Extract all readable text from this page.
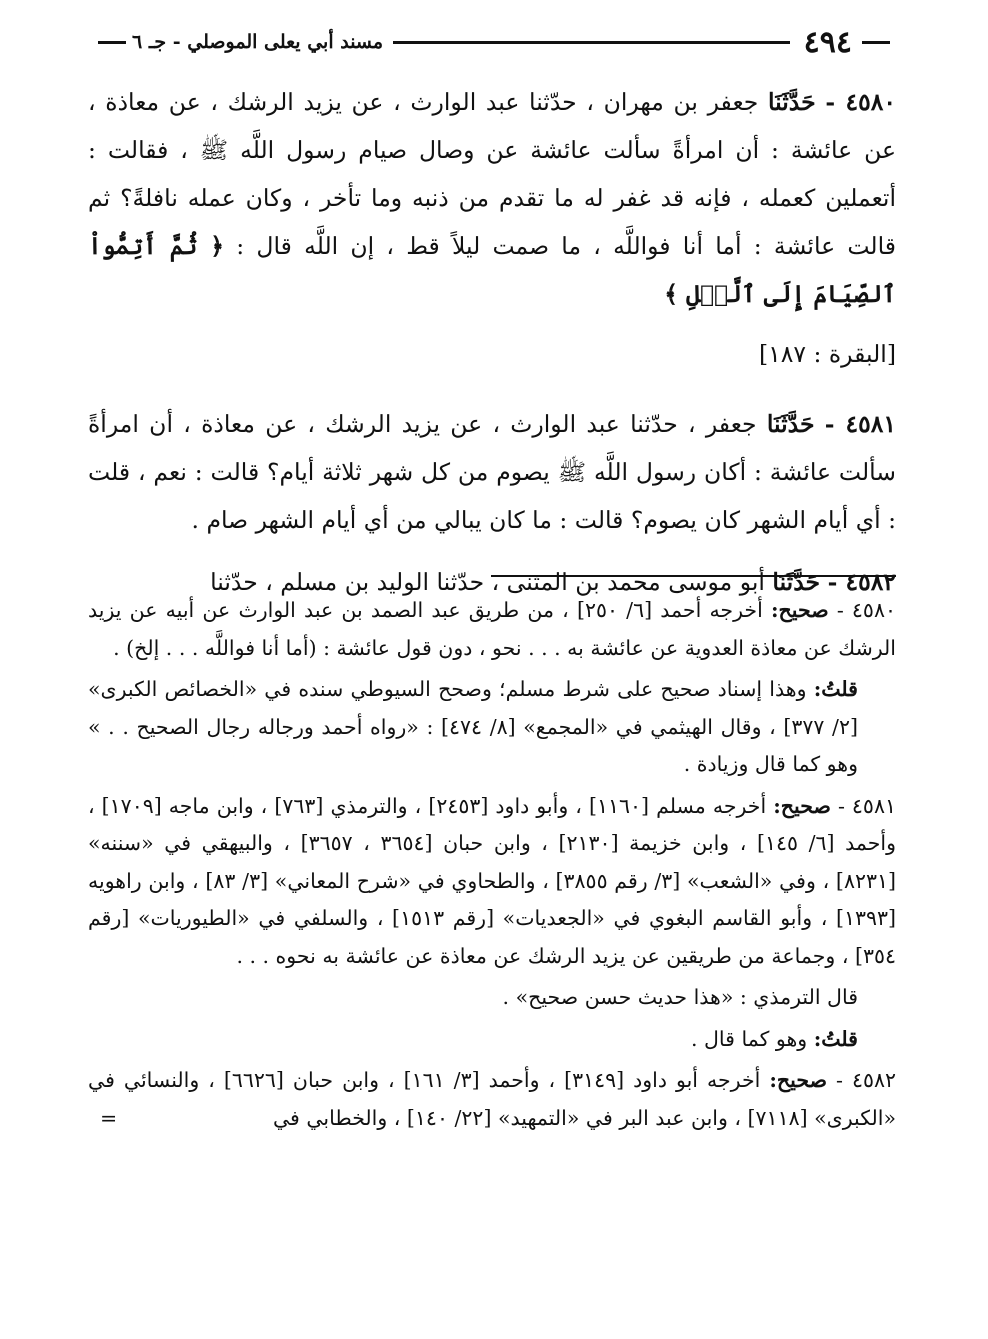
٤٩٤
مسند أبي يعلى الموصلي - جـ ٦

٤٥٨٠ - حَدَّثَنَا جعفر بن مهران ، حدّثنا عبد الوارث ، عن يزيد الرشك ، عن معاذة ، عن عائشة : أن امرأةً سألت عائشة عن وصال صيام رسول اللَّه ﷺ ، فقالت : أتعملين كعمله ، فإنه قد غفر له ما تقدم من ذنبه وما تأخر ، وكان عمله نافلةً؟ ثم قالت عائشة : أما أنا فواللَّه ، ما صمت ليلاً قط ، إن اللَّه قال : ﴿ ثُمَّ أَتِمُّواْ ٱلصِّيَامَ إِلَى ٱلَّيۡلِ ﴾

[البقرة : ١٨٧]

٤٥٨١ - حَدَّثَنَا جعفر ، حدّثنا عبد الوارث ، عن يزيد الرشك ، عن معاذة ، أن امرأةً سألت عائشة : أكان رسول اللَّه ﷺ يصوم من كل شهر ثلاثة أيام؟ قالت : نعم ، قلت : أي أيام الشهر كان يصوم؟ قالت : ما كان يبالي من أي أيام الشهر صام .

٤٥٨٢ - حَدَّثَنَا أبو موسى محمد بن المثنى ، حدّثنا الوليد بن مسلم ، حدّثنا

٤٥٨٠ - صحيح: أخرجه أحمد [٦/ ٢٥٠] ، من طريق عبد الصمد بن عبد الوارث عن أبيه عن يزيد الرشك عن معاذة العدوية عن عائشة به . . . نحو ، دون قول عائشة : (أما أنا فواللَّه . . . إلخ) .

قلتُ: وهذا إسناد صحيح على شرط مسلم؛ وصحح السيوطي سنده في «الخصائص الكبرى» [٢/ ٣٧٧] ، وقال الهيثمي في «المجمع» [٨/ ٤٧٤] : «رواه أحمد ورجاله رجال الصحيح . . » وهو كما قال وزيادة .

٤٥٨١ - صحيح: أخرجه مسلم [١١٦٠] ، وأبو داود [٢٤٥٣] ، والترمذي [٧٦٣] ، وابن ماجه [١٧٠٩] ، وأحمد [٦/ ١٤٥] ، وابن خزيمة [٢١٣٠] ، وابن حبان [٣٦٥٤ ، ٣٦٥٧] ، والبيهقي في «سننه» [٨٢٣١] ، وفي «الشعب» [٣/ رقم ٣٨٥٥] ، والطحاوي في «شرح المعاني» [٣/ ٨٣] ، وابن راهويه [١٣٩٣] ، وأبو القاسم البغوي في «الجعديات» [رقم ١٥١٣] ، والسلفي في «الطيوريات» [رقم ٣٥٤] ، وجماعة من طريقين عن يزيد الرشك عن معاذة عن عائشة به نحوه . . .

قال الترمذي : «هذا حديث حسن صحيح» .

قلتُ: وهو كما قال .

٤٥٨٢ - صحيح: أخرجه أبو داود [٣١٤٩] ، وأحمد [٣/ ١٦١] ، وابن حبان [٦٦٢٦] ، والنسائي في «الكبرى» [٧١١٨] ، وابن عبد البر في «التمهيد» [٢٢/ ١٤٠] ، والخطابي في
=
